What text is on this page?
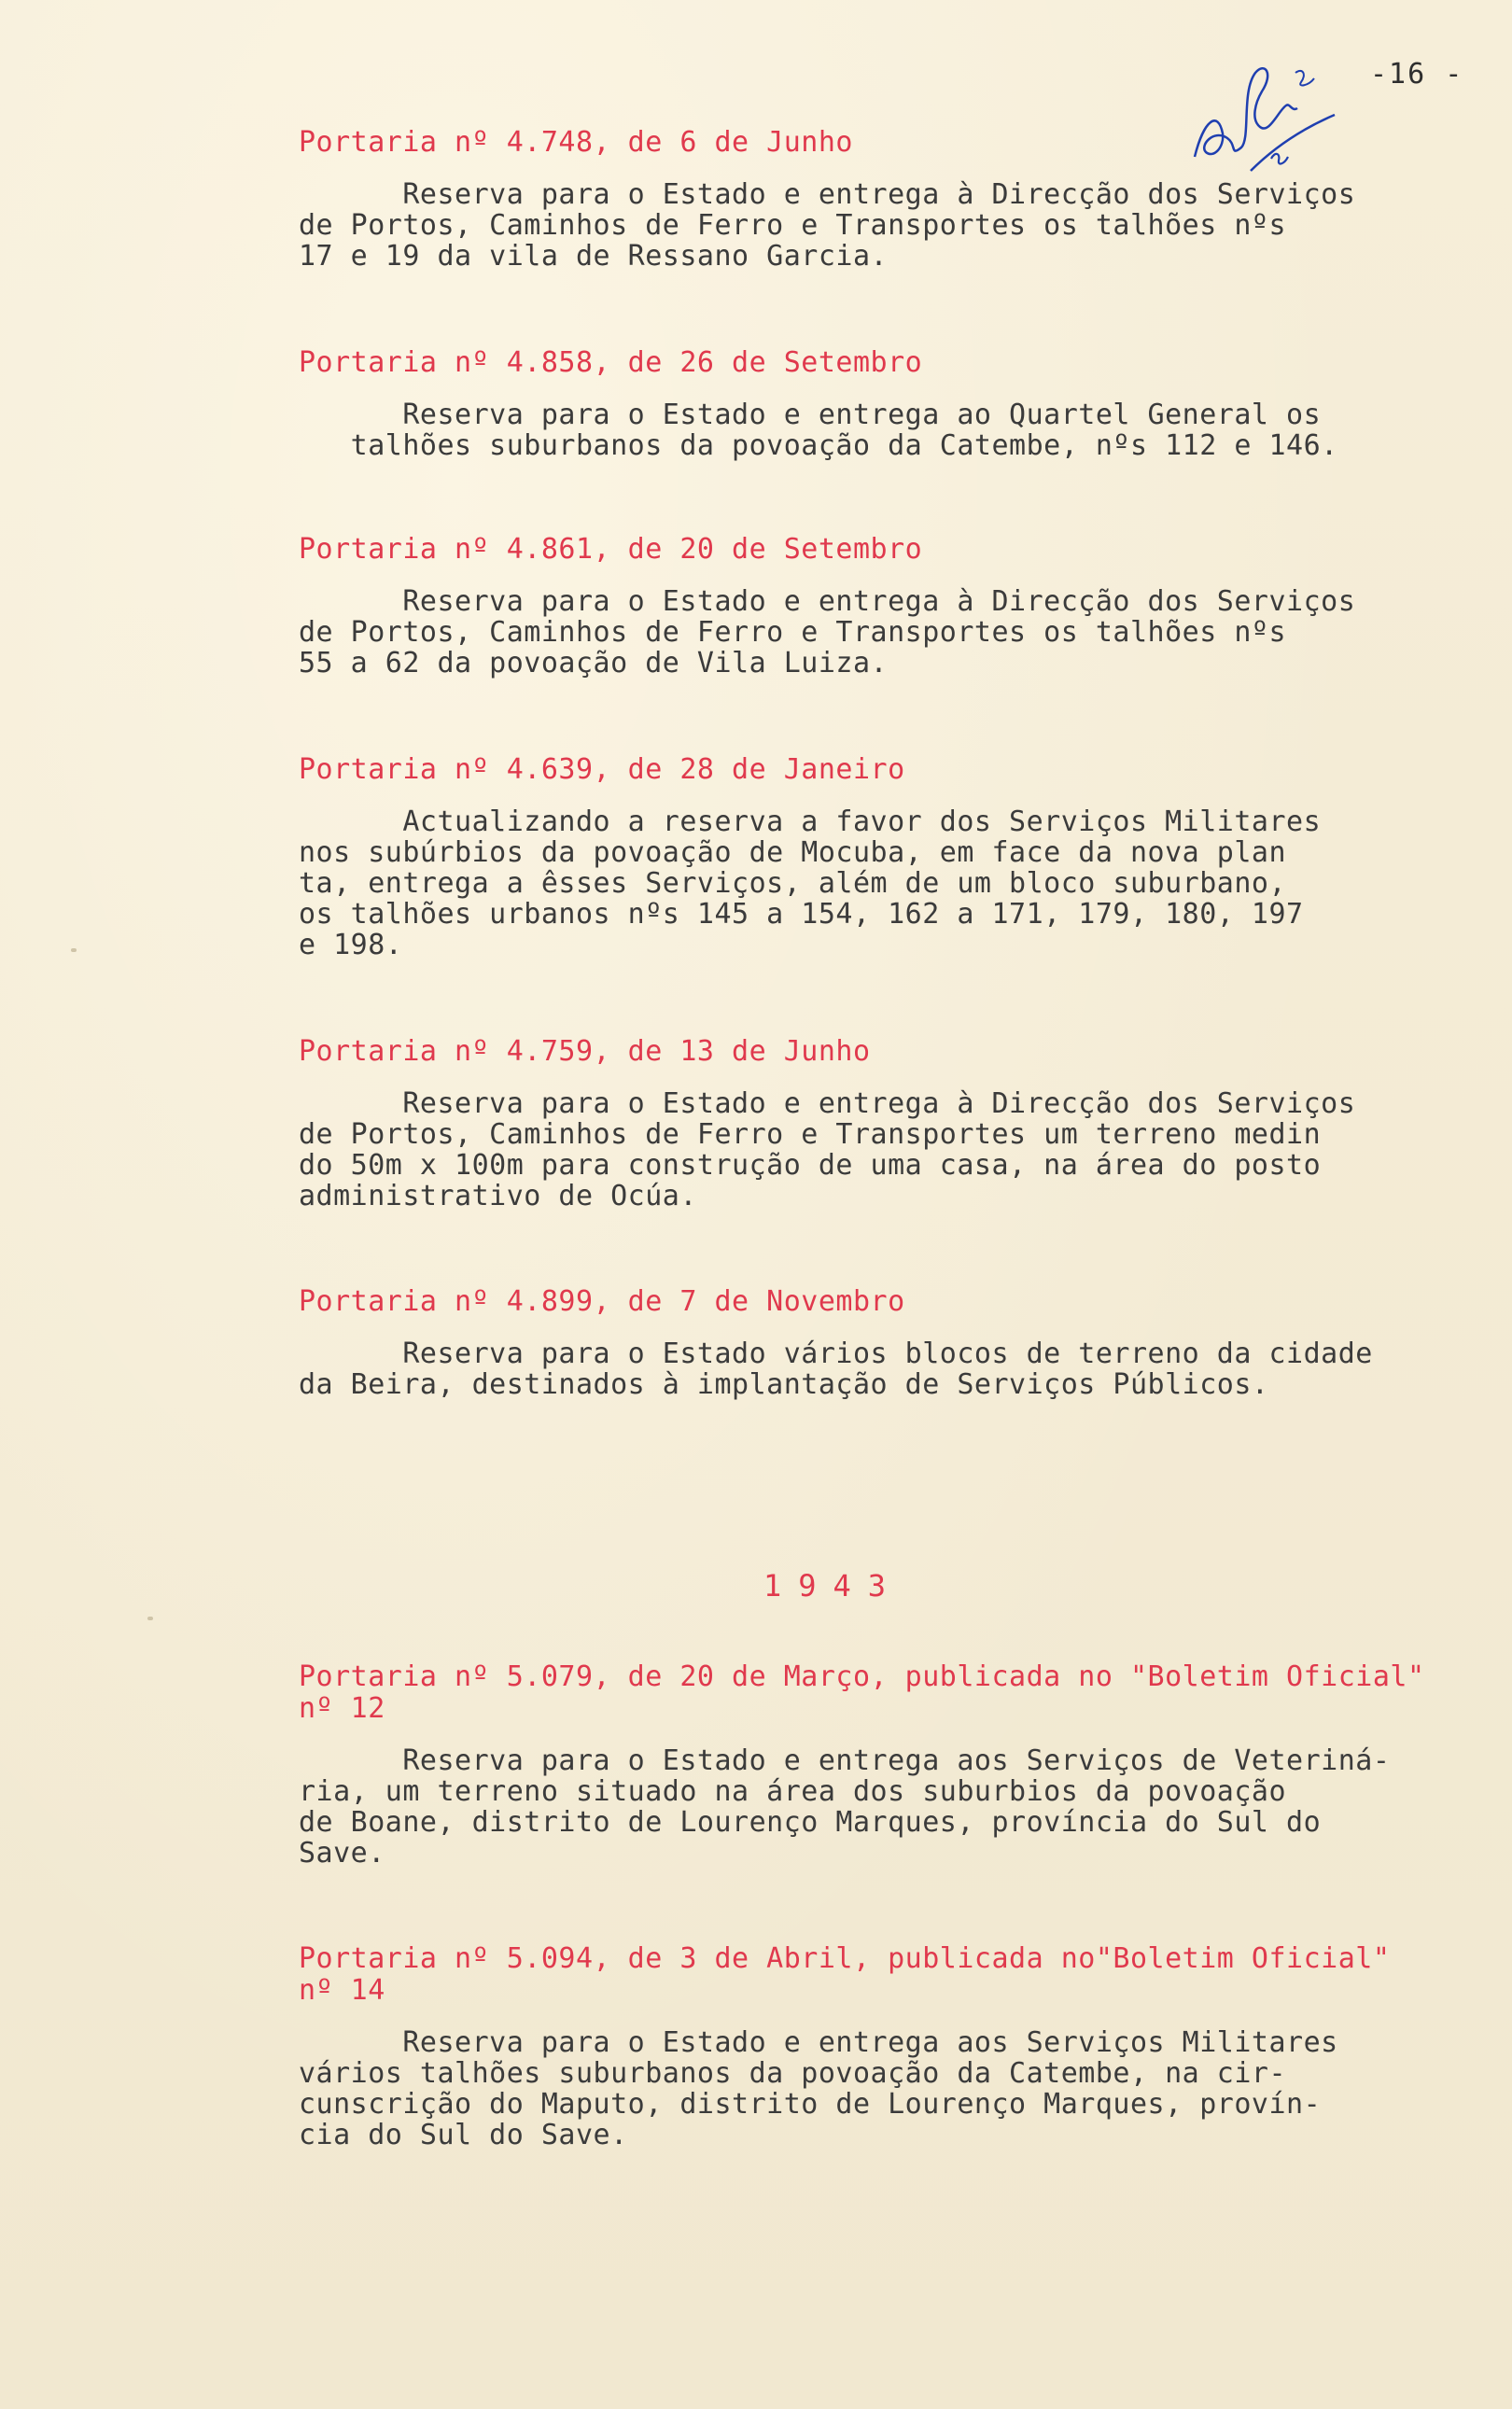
-16 -
Portaria nº 4.748, de 6 de Junho
Reserva para o Estado e entrega à Direcção dos Serviços
de Portos, Caminhos de Ferro e Transportes os talhões nºs
17 e 19 da vila de Ressano Garcia.
Portaria nº 4.858, de 26 de Setembro
Reserva para o Estado e entrega ao Quartel General os
talhões suburbanos da povoação da Catembe, nºs 112 e 146.
Portaria nº 4.861, de 20 de Setembro
Reserva para o Estado e entrega à Direcção dos Serviços
de Portos, Caminhos de Ferro e Transportes os talhões nºs
55 a 62 da povoação de Vila Luiza.
Portaria nº 4.639, de 28 de Janeiro
Actualizando a reserva a favor dos Serviços Militares
nos subúrbios da povoação de Mocuba, em face da nova plan
ta, entrega a êsses Serviços, além de um bloco suburbano,
os talhões urbanos nºs 145 a 154, 162 a 171, 179, 180, 197
e 198.
Portaria nº 4.759, de 13 de Junho
Reserva para o Estado e entrega à Direcção dos Serviços
de Portos, Caminhos de Ferro e Transportes um terreno medin
do 50m x 100m para construção de uma casa, na área do posto
administrativo de Ocúa.
Portaria nº 4.899, de 7 de Novembro
Reserva para o Estado vários blocos de terreno da cidade
da Beira, destinados à implantação de Serviços Públicos.
1943
Portaria nº 5.079, de 20 de Março, publicada no "Boletim Oficial"
nº 12
Reserva para o Estado e entrega aos Serviços de Veteriná-
ria, um terreno situado na área dos suburbios da povoação
de Boane, distrito de Lourenço Marques, província do Sul do
Save.
Portaria nº 5.094, de 3 de Abril, publicada no"Boletim Oficial"
nº 14
Reserva para o Estado e entrega aos Serviços Militares
vários talhões suburbanos da povoação da Catembe, na cir-
cunscrição do Maputo, distrito de Lourenço Marques, provín-
cia do Sul do Save.
